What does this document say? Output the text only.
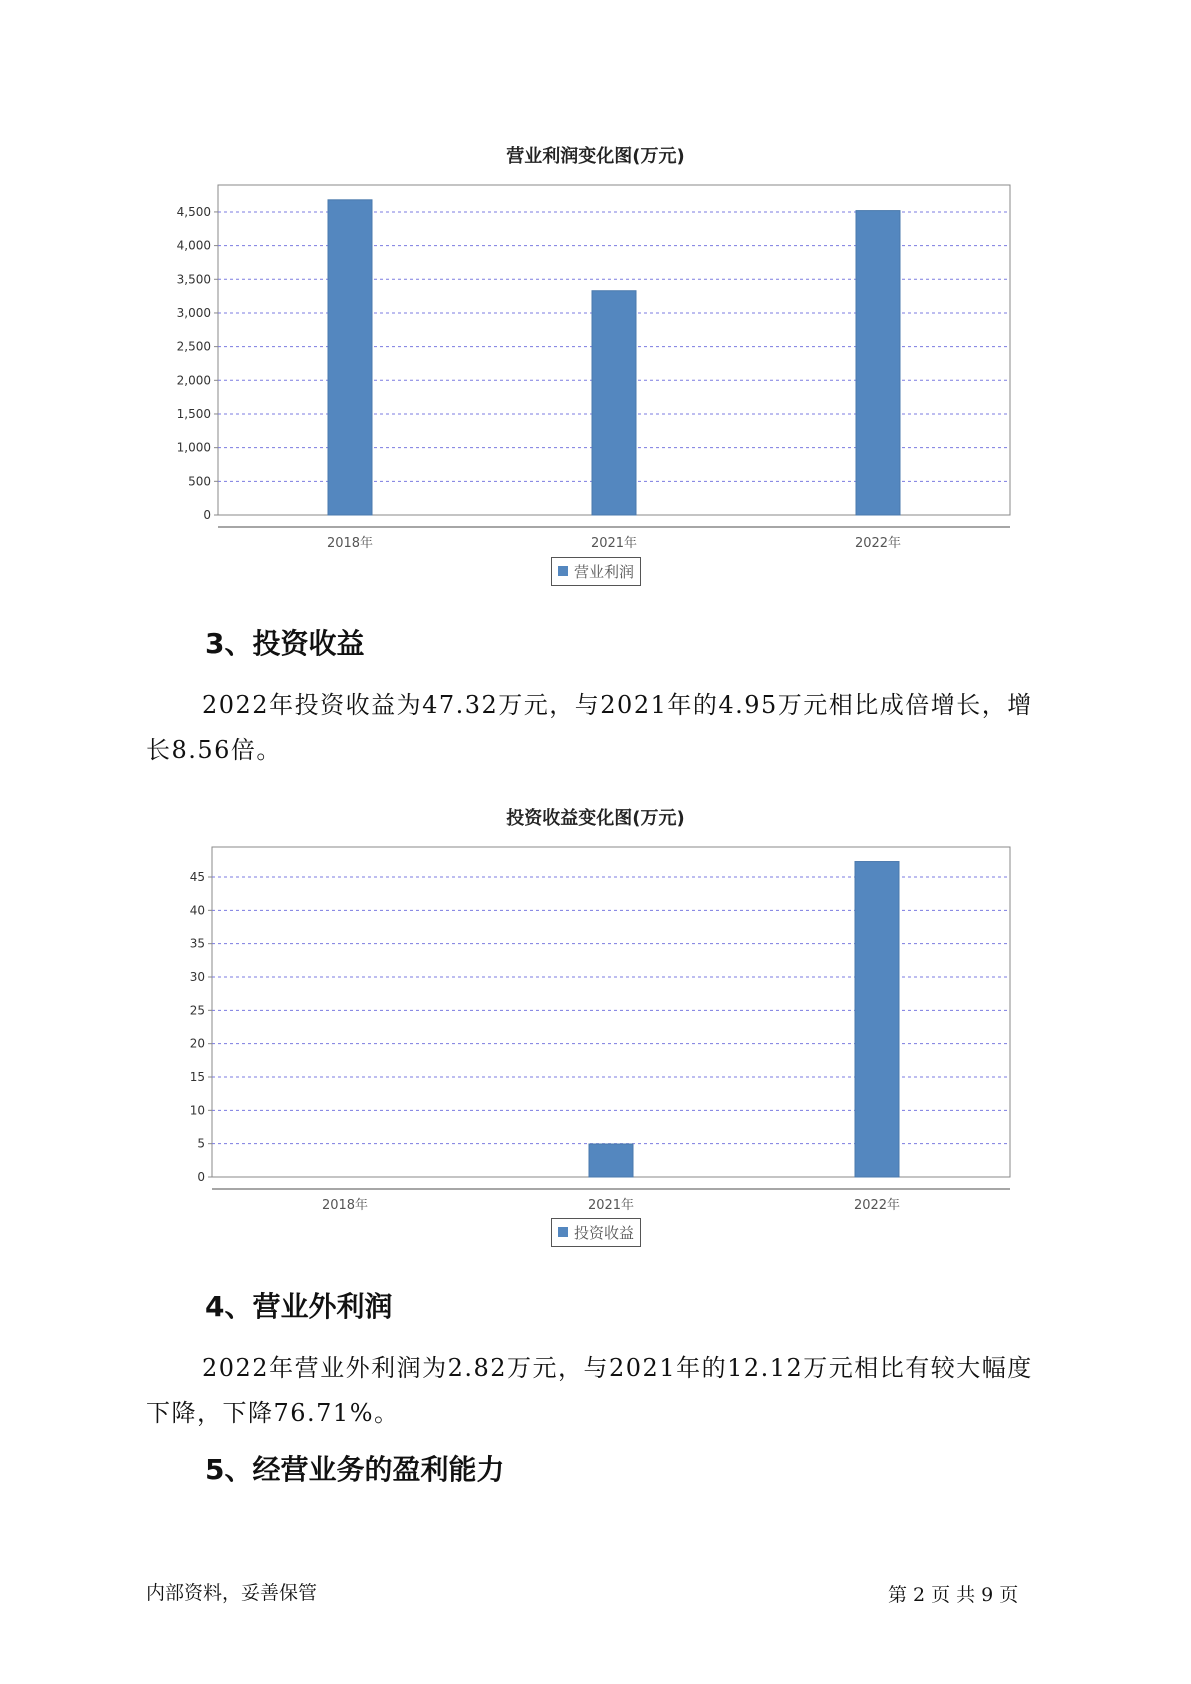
营业利润变化图(万元)
0
500
1,000
1,500
2,000
2,500
3,000
3,500
4,000
4,500
2018年	2021年	2022年
营业利润
3、投资收益
2022年投资收益为47.32万元，与2021年的4.95万元相比成倍增长，增长8.56倍。
投资收益变化图(万元)
0
5
10
15
20
25
30
35
40
45
2018年	2021年	2022年
投资收益
4、营业外利润
2022年营业外利润为2.82万元，与2021年的12.12万元相比有较大幅度下降，下降76.71%。
5、经营业务的盈利能力
内部资料，妥善保管	第 2 页 共 9 页
